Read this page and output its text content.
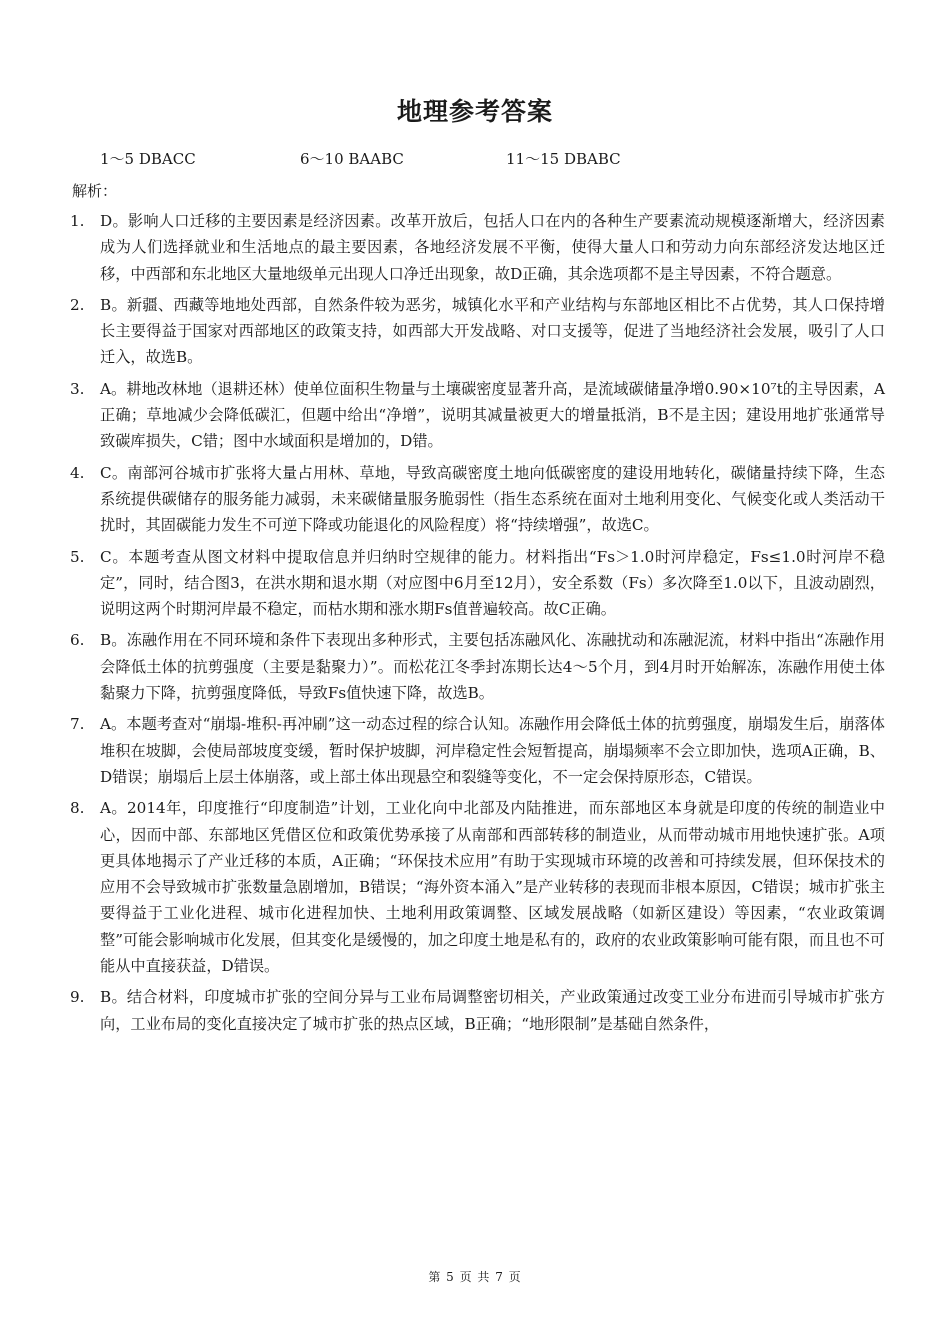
地理参考答案
1～5 DBACC	6～10 BAABC	11～15 DBABC
解析：
1. D。影响人口迁移的主要因素是经济因素。改革开放后，包括人口在内的各种生产要素流动规模逐渐增大，经济因素成为人们选择就业和生活地点的最主要因素，各地经济发展不平衡，使得大量人口和劳动力向东部经济发达地区迁移，中西部和东北地区大量地级单元出现人口净迁出现象，故D正确，其余选项都不是主导因素，不符合题意。
2. B。新疆、西藏等地地处西部，自然条件较为恶劣，城镇化水平和产业结构与东部地区相比不占优势，其人口保持增长主要得益于国家对西部地区的政策支持，如西部大开发战略、对口支援等，促进了当地经济社会发展，吸引了人口迁入，故选B。
3. A。耕地改林地（退耕还林）使单位面积生物量与土壤碳密度显著升高，是流域碳储量净增0.90×10⁷t的主导因素，A正确；草地减少会降低碳汇，但题中给出“净增”，说明其减量被更大的增量抵消，B不是主因；建设用地扩张通常导致碳库损失，C错；图中水域面积是增加的，D错。
4. C。南部河谷城市扩张将大量占用林、草地，导致高碳密度土地向低碳密度的建设用地转化，碳储量持续下降，生态系统提供碳储存的服务能力减弱，未来碳储量服务脆弱性（指生态系统在面对土地利用变化、气候变化或人类活动干扰时，其固碳能力发生不可逆下降或功能退化的风险程度）将“持续增强”，故选C。
5. C。本题考查从图文材料中提取信息并归纳时空规律的能力。材料指出“Fs＞1.0时河岸稳定，Fs≤1.0时河岸不稳定”，同时，结合图3，在洪水期和退水期（对应图中6月至12月），安全系数（Fs）多次降至1.0以下，且波动剧烈，说明这两个时期河岸最不稳定，而枯水期和涨水期Fs值普遍较高。故C正确。
6. B。冻融作用在不同环境和条件下表现出多种形式，主要包括冻融风化、冻融扰动和冻融泥流，材料中指出“冻融作用会降低土体的抗剪强度（主要是黏聚力）”。而松花江冬季封冻期长达4～5个月，到4月时开始解冻，冻融作用使土体黏聚力下降，抗剪强度降低，导致Fs值快速下降，故选B。
7. A。本题考查对“崩塌-堆积-再冲刷”这一动态过程的综合认知。冻融作用会降低土体的抗剪强度，崩塌发生后，崩落体堆积在坡脚，会使局部坡度变缓，暂时保护坡脚，河岸稳定性会短暂提高，崩塌频率不会立即加快，选项A正确，B、D错误；崩塌后上层土体崩落，或上部土体出现悬空和裂缝等变化，不一定会保持原形态，C错误。
8. A。2014年，印度推行“印度制造”计划，工业化向中北部及内陆推进，而东部地区本身就是印度的传统的制造业中心，因而中部、东部地区凭借区位和政策优势承接了从南部和西部转移的制造业，从而带动城市用地快速扩张。A项更具体地揭示了产业迁移的本质，A正确；“环保技术应用”有助于实现城市环境的改善和可持续发展，但环保技术的应用不会导致城市扩张数量急剧增加，B错误；“海外资本涌入”是产业转移的表现而非根本原因，C错误；城市扩张主要得益于工业化进程、城市化进程加快、土地利用政策调整、区域发展战略（如新区建设）等因素，“农业政策调整”可能会影响城市化发展，但其变化是缓慢的，加之印度土地是私有的，政府的农业政策影响可能有限，而且也不可能从中直接获益，D错误。
9. B。结合材料，印度城市扩张的空间分异与工业布局调整密切相关，产业政策通过改变工业分布进而引导城市扩张方向，工业布局的变化直接决定了城市扩张的热点区域，B正确；“地形限制”是基础自然条件，
第 5 页 共 7 页
